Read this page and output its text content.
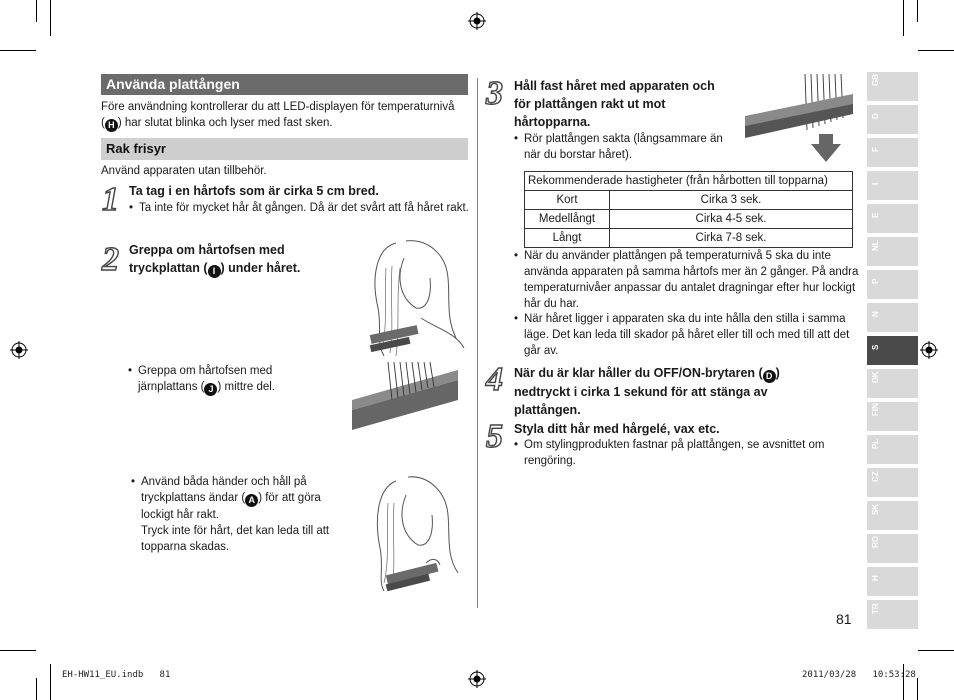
Använda plattången
Före användning kontrollerar du att LED-displayen för temperaturnivå
( H ) har slutat blinka och lyser med fast sken.
Rak frisyr
Använd apparaten utan tillbehör.
1 Ta tag i en hårtofs som är cirka 5 cm bred.
• Ta inte för mycket hår åt gången. Då är det svårt att få håret rakt.
2 Greppa om hårtofsen med
tryckplattan ( I ) under håret.
• Greppa om hårtofsen med
järnplattans ( J ) mittre del.
• Använd båda händer och håll på
tryckplattans ändar ( A ) för att göra
lockigt hår rakt.
Tryck inte för hårt, det kan leda till att
topparna skadas.
3 Håll fast håret med apparaten och för plattången rakt ut mot hårtopparna.
• Rör plattången sakta (långsammare än när du borstar håret).
Rekommenderade hastigheter (från hårbotten till topparna)	
Kort	Cirka 3 sek.
Medellångt	Cirka 4-5 sek.
Långt	Cirka 7-8 sek.
• När du använder plattången på temperaturnivå 5 ska du inte använda apparaten på samma hårtofs mer än 2 gånger. På andra temperaturnivåer anpassar du antalet dragningar efter hur lockigt hår du har.
• När håret ligger i apparaten ska du inte hålla den stilla i samma läge. Det kan leda till skador på håret eller till och med till att det går av.
4 När du är klar håller du OFF/ON-brytaren ( D ) nedtryckt i cirka 1 sekund för att stänga av plattången.
5 Styla ditt hår med hårgelé, vax etc.
• Om stylingprodukten fastnar på plattången, se avsnittet om rengöring.
81
GB
D
F
I
E
NL
P
N
S
DK
FIN
PL
CZ
SK
RO
H
TR
EH-HW11_EU.indb 81	2011/03/28 10:53:28
